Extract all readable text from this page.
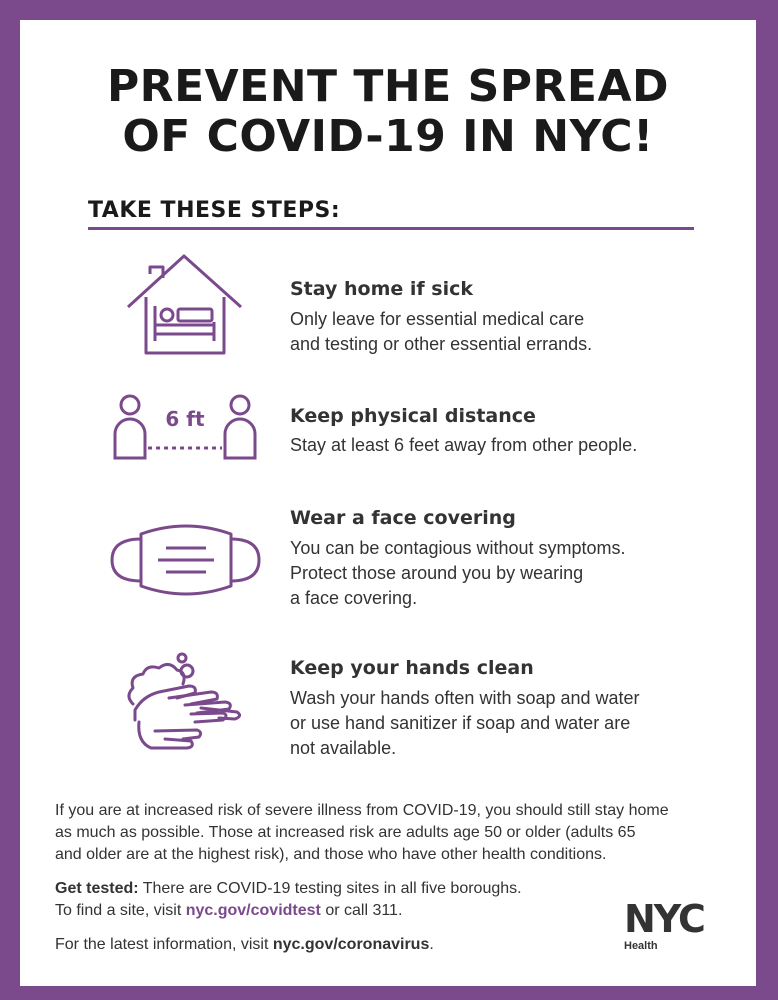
PREVENT THE SPREAD
OF COVID-19 IN NYC!
TAKE THESE STEPS:
Stay home if sick
Only leave for essential medical care
and testing or other essential errands.
6 ft	Keep physical distance
Stay at least 6 feet away from other people.
Wear a face covering
You can be contagious without symptoms.
Protect those around you by wearing
a face covering.
Keep your hands clean
Wash your hands often with soap and water
or use hand sanitizer if soap and water are
not available.
If you are at increased risk of severe illness from COVID-19, you should still stay home
as much as possible. Those at increased risk are adults age 50 or older (adults 65
and older are at the highest risk), and those who have other health conditions.
Get tested: There are COVID-19 testing sites in all five boroughs.
To find a site, visit nyc.gov/covidtest or call 311.
For the latest information, visit nyc.gov/coronavirus.
NYC
Health
